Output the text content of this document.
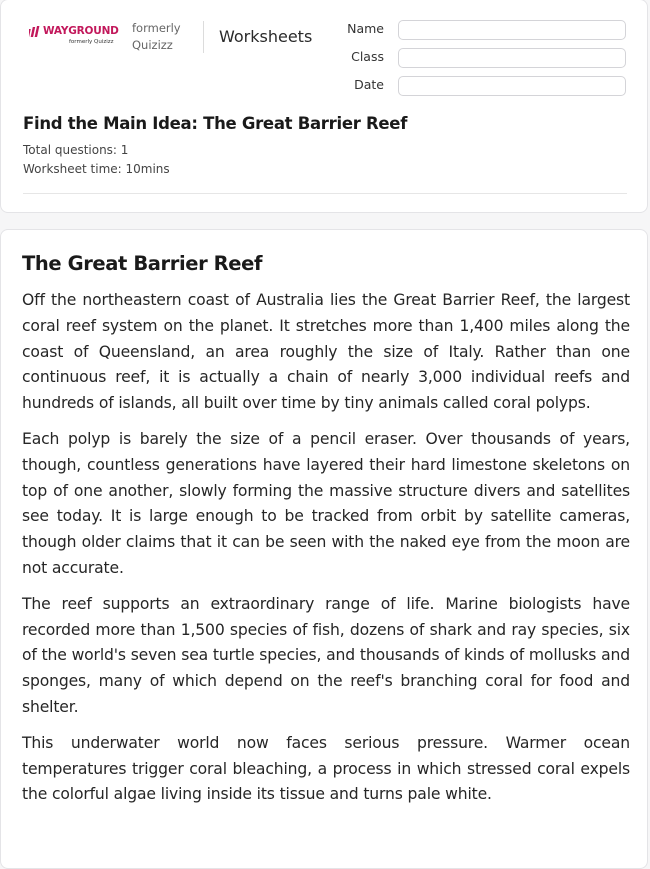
WAYGROUND
formerly Quizizz
formerly Quizizz	Worksheets	Name
Class
Date
Find the Main Idea: The Great Barrier Reef
Total questions: 1
Worksheet time: 10mins
The Great Barrier Reef

Off the northeastern coast of Australia lies the Great Barrier Reef, the largest coral reef system on the planet. It stretches more than 1,400 miles along the coast of Queensland, an area roughly the size of Italy. Rather than one continuous reef, it is actually a chain of nearly 3,000 individual reefs and hundreds of islands, all built over time by tiny animals called coral polyps.

Each polyp is barely the size of a pencil eraser. Over thousands of years, though, countless generations have layered their hard limestone skeletons on top of one another, slowly forming the massive structure divers and satellites see today. It is large enough to be tracked from orbit by satellite cameras, though older claims that it can be seen with the naked eye from the moon are not accurate.

The reef supports an extraordinary range of life. Marine biologists have recorded more than 1,500 species of fish, dozens of shark and ray species, six of the world's seven sea turtle species, and thousands of kinds of mollusks and sponges, many of which depend on the reef's branching coral for food and shelter.

This underwater world now faces serious pressure. Warmer ocean temperatures trigger coral bleaching, a process in which stressed coral expels the colorful algae living inside its tissue and turns pale white.
